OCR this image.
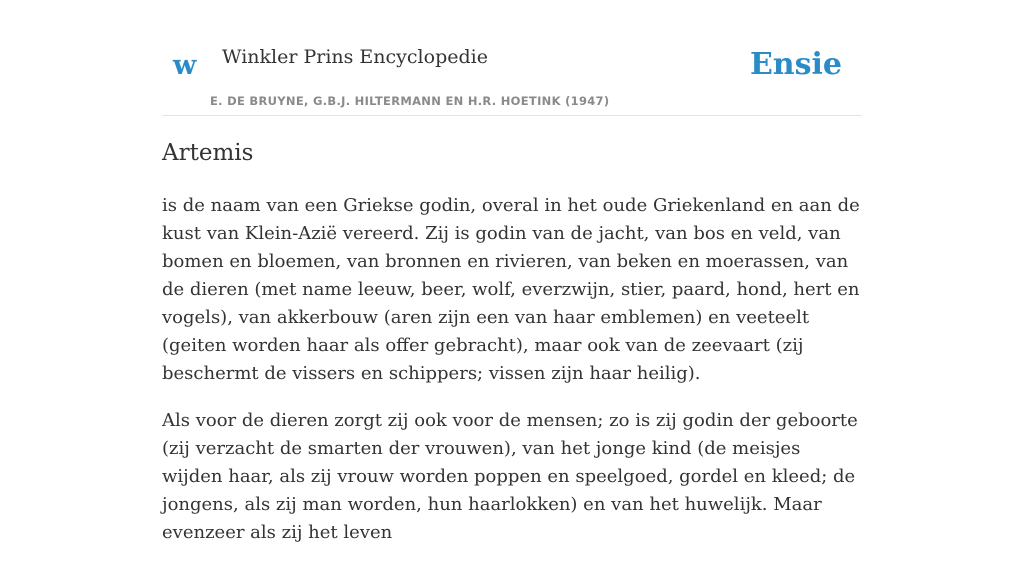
w Winkler Prins Encyclopedie
E. DE BRUYNE, G.B.J. HILTERMANN EN H.R. HOETINK (1947)
Ensie
Artemis

is de naam van een Griekse godin, overal in het oude Griekenland en aan de kust van Klein-Azië vereerd. Zij is godin van de jacht, van bos en veld, van bomen en bloemen, van bronnen en rivieren, van beken en moerassen, van de dieren (met name leeuw, beer, wolf, everzwijn, stier, paard, hond, hert en vogels), van akkerbouw (aren zijn een van haar emblemen) en veeteelt (geiten worden haar als offer gebracht), maar ook van de zeevaart (zij beschermt de vissers en schippers; vissen zijn haar heilig).

Als voor de dieren zorgt zij ook voor de mensen; zo is zij godin der geboorte (zij verzacht de smarten der vrouwen), van het jonge kind (de meisjes wijden haar, als zij vrouw worden poppen en speelgoed, gordel en kleed; de jongens, als zij man worden, hun haarlokken) en van het huwelijk. Maar evenzeer als zij het leven
